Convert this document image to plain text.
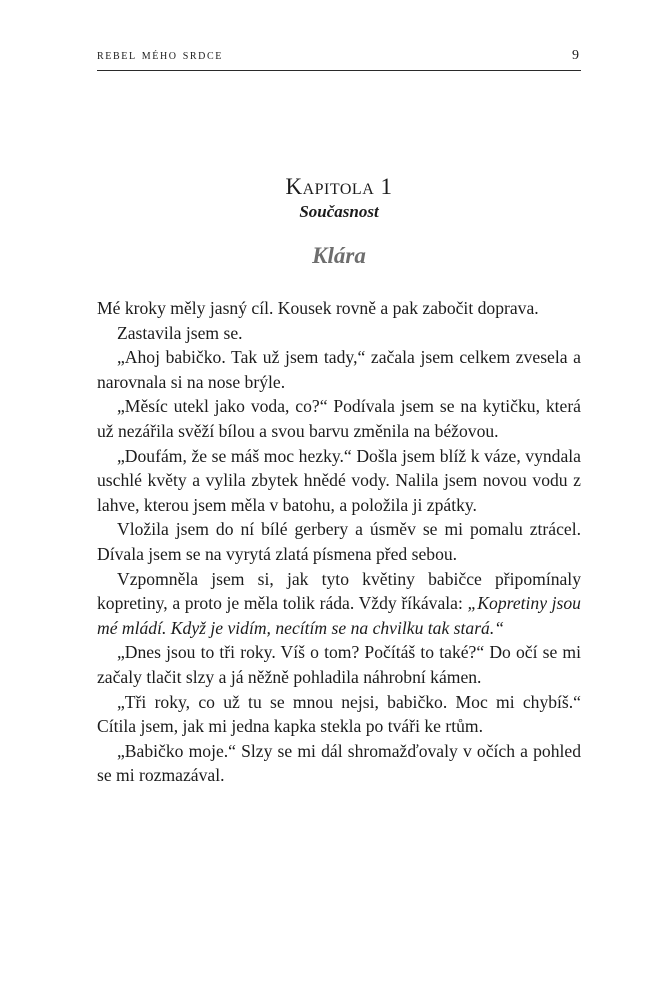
rebel mého srdce	9
Kapitola 1
Současnost
Klára

Mé kroky měly jasný cíl. Kousek rovně a pak zabočit doprava.

Zastavila jsem se.

„Ahoj babičko. Tak už jsem tady,“ začala jsem celkem zvesela a narovnala si na nose brýle.

„Měsíc utekl jako voda, co?“ Podívala jsem se na kytičku, která už nezářila svěží bílou a svou barvu změnila na béžovou.

„Doufám, že se máš moc hezky.“ Došla jsem blíž k váze, vyndala uschlé květy a vylila zbytek hnědé vody. Nalila jsem novou vodu z lahve, kterou jsem měla v batohu, a položila ji zpátky.

Vložila jsem do ní bílé gerbery a úsměv se mi pomalu ztrácel. Dívala jsem se na vyrytá zlatá písmena před sebou.

Vzpomněla jsem si, jak tyto květiny babičce připomínaly kopretiny, a proto je měla tolik ráda. Vždy říkávala: „Kopretiny jsou mé mládí. Když je vidím, necítím se na chvilku tak stará.“

„Dnes jsou to tři roky. Víš o tom? Počítáš to také?“ Do očí se mi začaly tlačit slzy a já něžně pohladila náhrobní kámen.

„Tři roky, co už tu se mnou nejsi, babičko. Moc mi chybíš.“ Cítila jsem, jak mi jedna kapka stekla po tváři ke rtům.

„Babičko moje.“ Slzy se mi dál shromažďovaly v očích a pohled se mi rozmazával.
